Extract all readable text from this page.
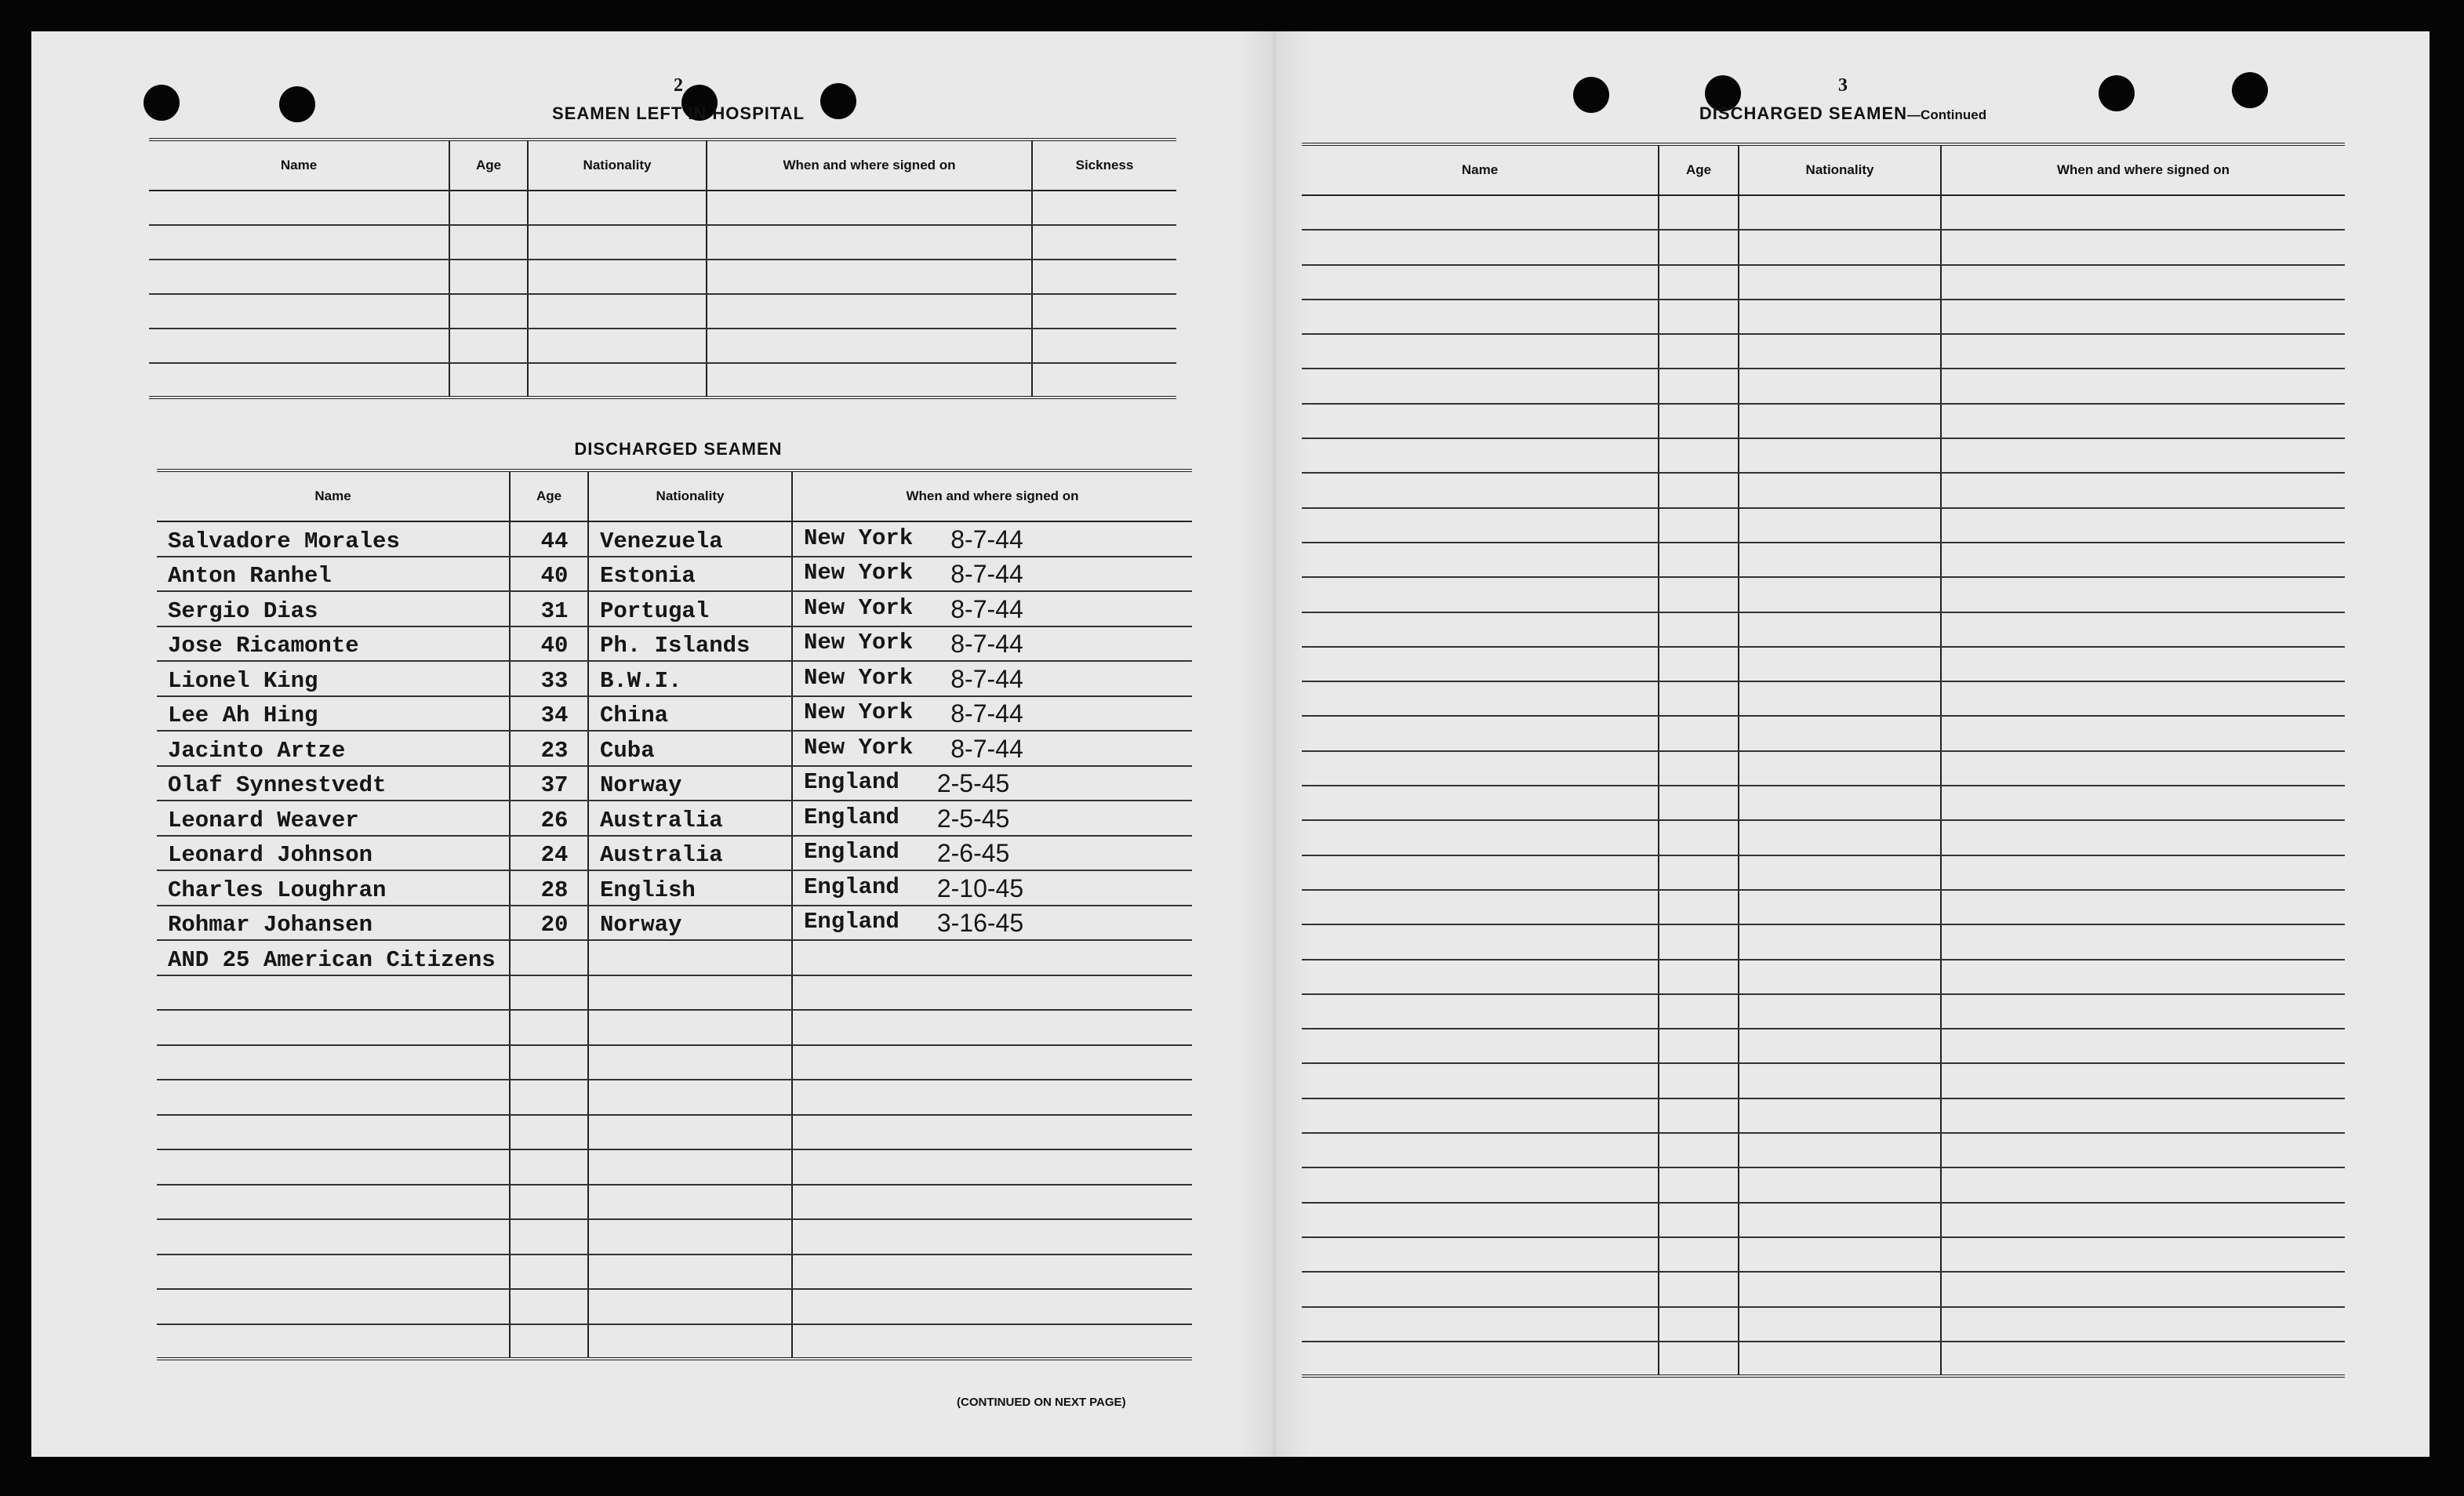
2
SEAMEN LEFT IN HOSPITAL
Name	Age	Nationality	When and where signed on	Sickness

DISCHARGED SEAMEN
Name	Age	Nationality	When and where signed on
Salvadore Morales	44	Venezuela	New York 8-7-44

Anton Ranhel	40	Estonia	New York 8-7-44

Sergio Dias	31	Portugal	New York 8-7-44

Jose Ricamonte	40	Ph. Islands	New York 8-7-44

Lionel King	33	B.W.I.	New York 8-7-44

Lee Ah Hing	34	China	New York 8-7-44

Jacinto Artze	23	Cuba	New York 8-7-44

Olaf Synnestvedt	37	Norway	England 2-5-45

Leonard Weaver	26	Australia	England 2-5-45

Leonard Johnson	24	Australia	England 2-6-45

Charles Loughran	28	English	England 2-10-45

Rohmar Johansen	20	Norway	England 3-16-45

AND 25 American Citizens			

(CONTINUED ON NEXT PAGE)
3
DISCHARGED SEAMEN—Continued
Name	Age	Nationality	When and where signed on
